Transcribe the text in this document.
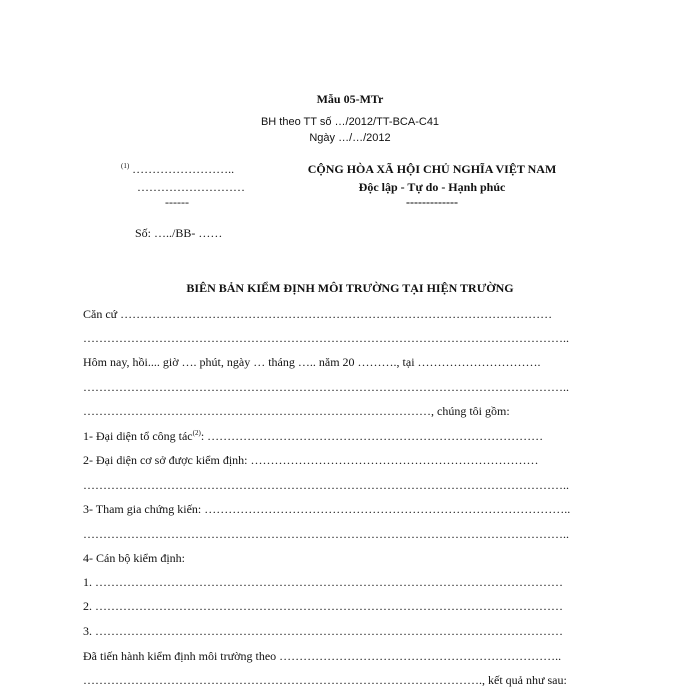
Mẫu 05-MTr
BH theo TT số …/2012/TT-BCA-C41
Ngày …/…/2012
$^{(1)}$ ……………………..
………………………
------
CỘNG HÒA XÃ HỘI CHỦ NGHĨA VIỆT NAM
Độc lập - Tự do - Hạnh phúc
-------------
Số: …../BB- ……
BIÊN BẢN KIỂM ĐỊNH MÔI TRƯỜNG TẠI HIỆN TRƯỜNG
Căn cứ ………………………………………………………………………………………………
…………………………………………………………………………………………………………..
Hôm nay, hồi.... giờ …. phút, ngày … tháng ….. năm 20 ………., tại ………………………….
…………………………………………………………………………………………………………..
……………………………………………………………………………, chúng tôi gồm:
1- Đại diện tổ công tác$^{(2)}$: …………………………………………………………………………
2- Đại diện cơ sở được kiểm định: ………………………………………………………………
…………………………………………………………………………………………………………..
3- Tham gia chứng kiến: ………………………………………………………………………………..
…………………………………………………………………………………………………………..
4- Cán bộ kiểm định:
1. ………………………………………………………………………………………………………
2. ………………………………………………………………………………………………………
3. ………………………………………………………………………………………………………
Đã tiến hành kiểm định môi trường theo ……………………………………………………………..
………………………………………………………………………………………., kết quả như sau:
